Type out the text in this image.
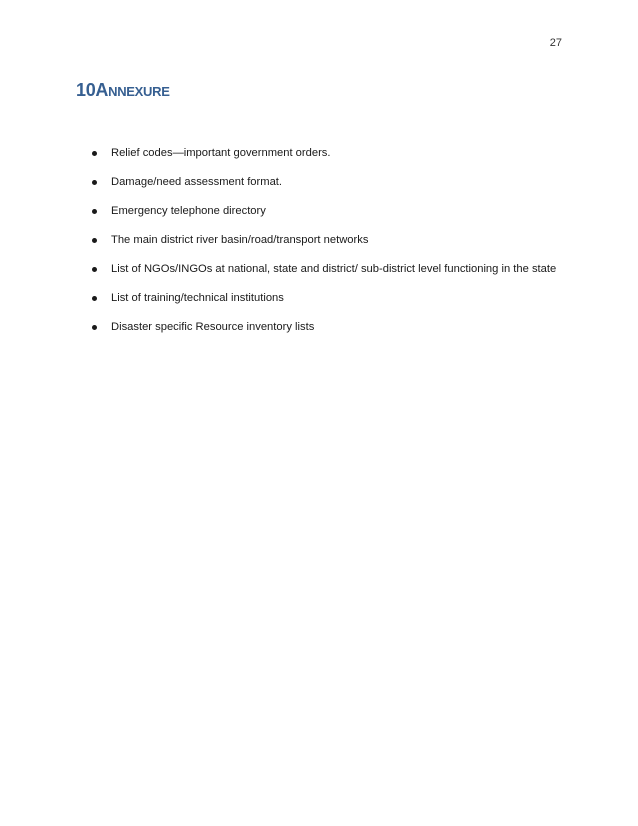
27
10ANNEXURE
Relief codes—important government orders.
Damage/need assessment format.
Emergency telephone directory
The main district river basin/road/transport networks
List of NGOs/INGOs at national, state and district/ sub-district level functioning in the state
List of training/technical institutions
Disaster specific Resource inventory lists
